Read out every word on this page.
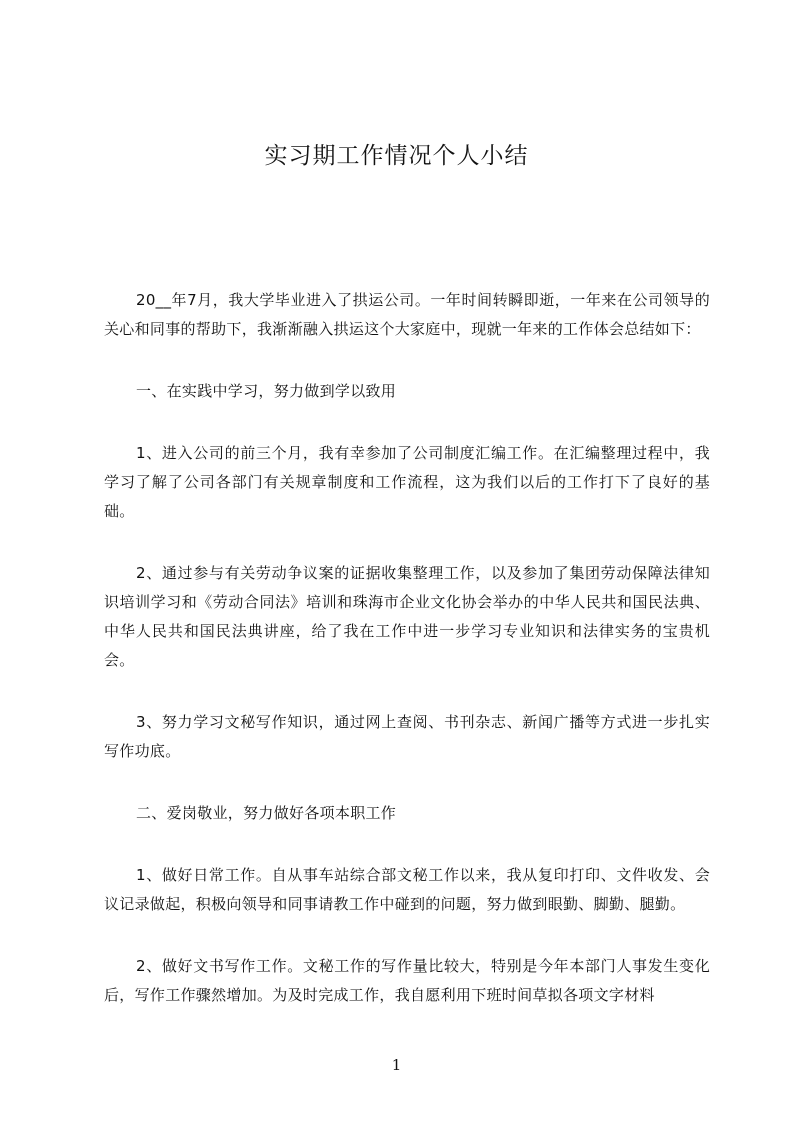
实习期工作情况个人小结

20__年7月，我大学毕业进入了拱运公司。一年时间转瞬即逝，一年来在公司领导的关心和同事的帮助下，我渐渐融入拱运这个大家庭中，现就一年来的工作体会总结如下：

一、在实践中学习，努力做到学以致用

1、进入公司的前三个月，我有幸参加了公司制度汇编工作。在汇编整理过程中，我学习了解了公司各部门有关规章制度和工作流程，这为我们以后的工作打下了良好的基础。

2、通过参与有关劳动争议案的证据收集整理工作，以及参加了集团劳动保障法律知识培训学习和《劳动合同法》培训和珠海市企业文化协会举办的中华人民共和国民法典、中华人民共和国民法典讲座，给了我在工作中进一步学习专业知识和法律实务的宝贵机会。

3、努力学习文秘写作知识，通过网上查阅、书刊杂志、新闻广播等方式进一步扎实写作功底。

二、爱岗敬业，努力做好各项本职工作

1、做好日常工作。自从事车站综合部文秘工作以来，我从复印打印、文件收发、会议记录做起，积极向领导和同事请教工作中碰到的问题，努力做到眼勤、脚勤、腿勤。

2、做好文书写作工作。文秘工作的写作量比较大，特别是今年本部门人事发生变化后，写作工作骤然增加。为及时完成工作，我自愿利用下班时间草拟各项文字材料

1
